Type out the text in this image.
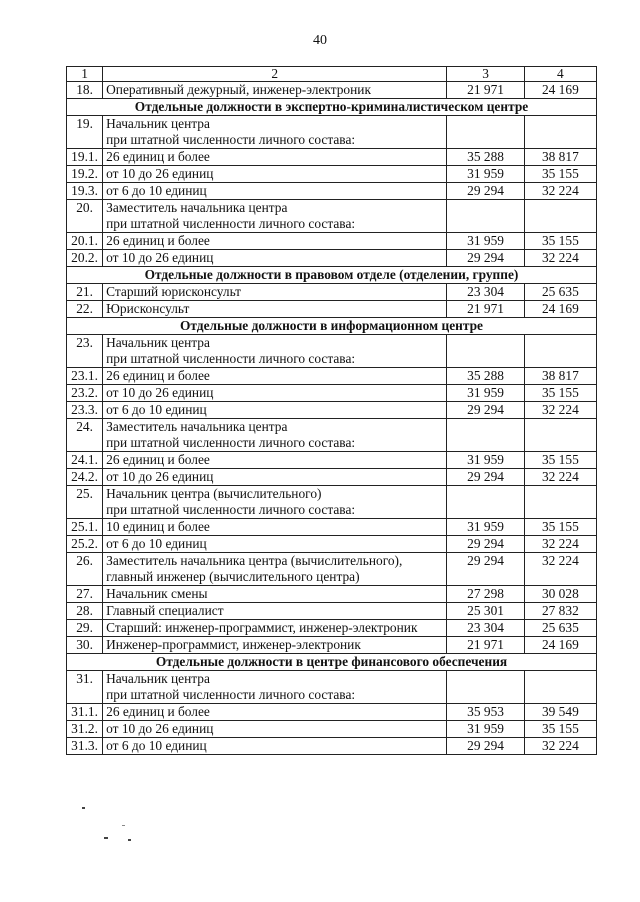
40
1	2	3	4
18.	Оперативный дежурный, инженер-электроник	21 971	24 169
Отдельные должности в экспертно-криминалистическом центре			
19.	Начальник центра
при штатной численности личного состава:		

19.1.	26 единиц и более	35 288	38 817
19.2.	от 10 до 26 единиц	31 959	35 155
19.3.	от 6 до 10 единиц	29 294	32 224
20.	Заместитель начальника центра
при штатной численности личного состава:		

20.1.	26 единиц и более	31 959	35 155
20.2.	от 10 до 26 единиц	29 294	32 224
Отдельные должности в правовом отделе (отделении, группе)			
21.	Старший юрисконсульт	23 304	25 635
22.	Юрисконсульт	21 971	24 169
Отдельные должности в информационном центре			
23.	Начальник центра
при штатной численности личного состава:		

23.1.	26 единиц и более	35 288	38 817
23.2.	от 10 до 26 единиц	31 959	35 155
23.3.	от 6 до 10 единиц	29 294	32 224
24.	Заместитель начальника центра
при штатной численности личного состава:		

24.1.	26 единиц и более	31 959	35 155
24.2.	от 10 до 26 единиц	29 294	32 224
25.	Начальник центра (вычислительного)
при штатной численности личного состава:		

25.1.	10 единиц и более	31 959	35 155
25.2.	от 6 до 10 единиц	29 294	32 224
26.	Заместитель начальника центра (вычислительного),
главный инженер (вычислительного центра)	29 294	32 224
27.	Начальник смены	27 298	30 028
28.	Главный специалист	25 301	27 832
29.	Старший: инженер-программист, инженер-электроник	23 304	25 635
30.	Инженер-программист, инженер-электроник	21 971	24 169
Отдельные должности в центре финансового обеспечения			
31.	Начальник центра
при штатной численности личного состава:		

31.1.	26 единиц и более	35 953	39 549
31.2.	от 10 до 26 единиц	31 959	35 155
31.3.	от 6 до 10 единиц	29 294	32 224
